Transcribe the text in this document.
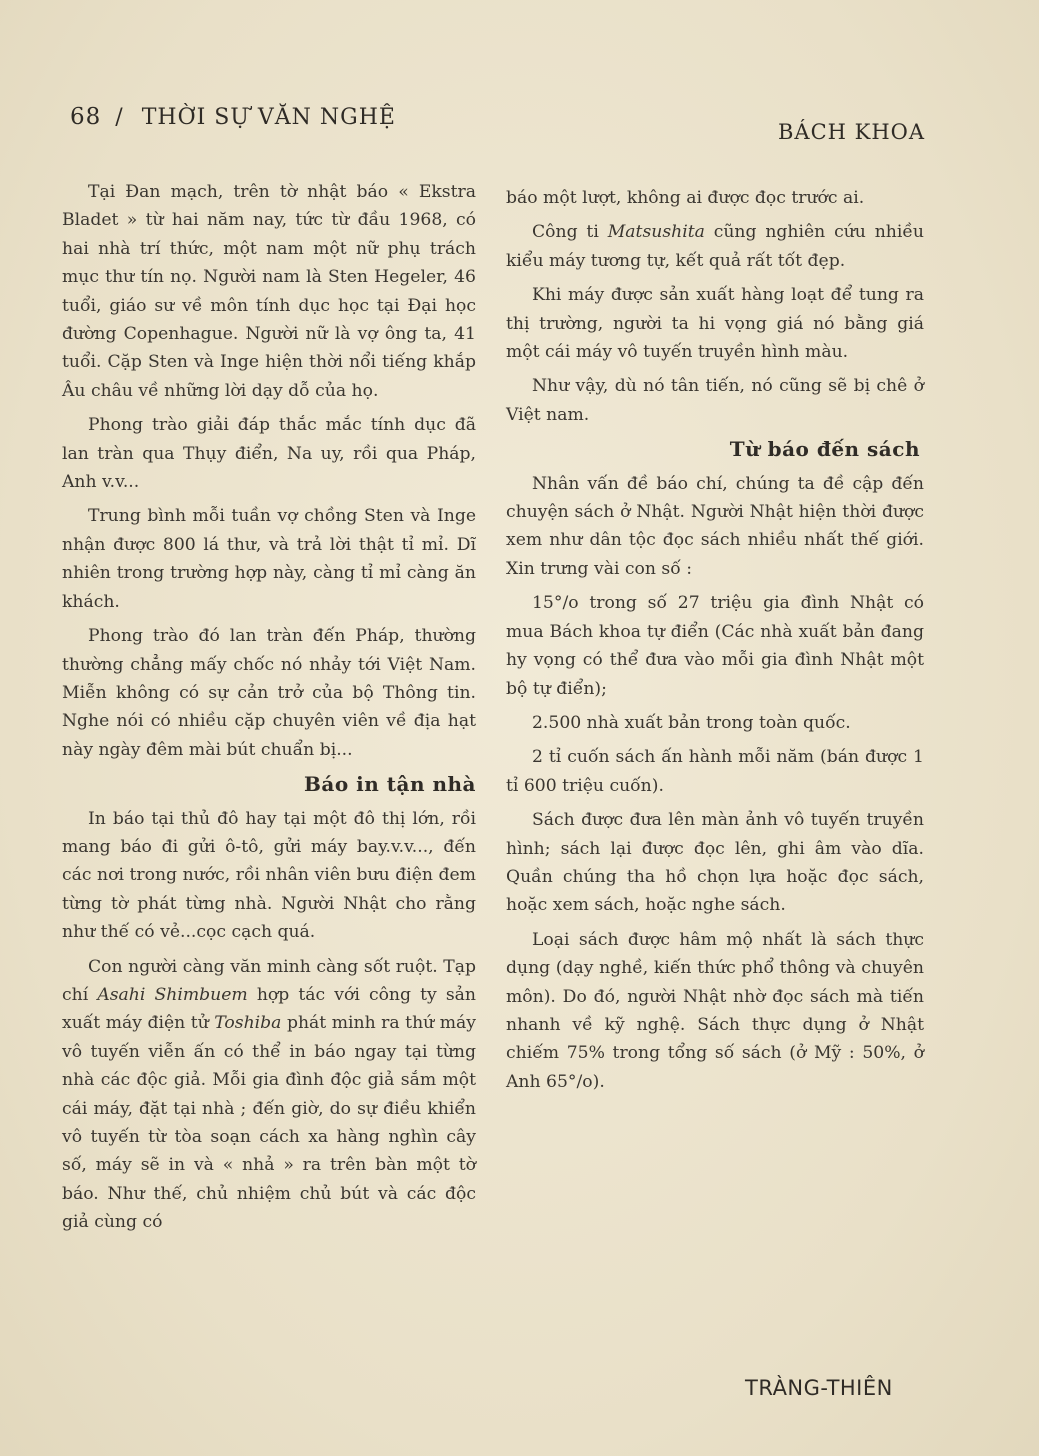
68 / THỜI SỰ VĂN NGHỆ
BÁCH KHOA

Tại Đan mạch, trên tờ nhật báo « Ekstra Bladet » từ hai năm nay, tức từ đầu 1968, có hai nhà trí thức, một nam một nữ phụ trách mục thư tín nọ. Người nam là Sten Hegeler, 46 tuổi, giáo sư về môn tính dục học tại Đại học đường Copenhague. Người nữ là vợ ông ta, 41 tuổi. Cặp Sten và Inge hiện thời nổi tiếng khắp Âu châu về những lời dạy dỗ của họ.

Phong trào giải đáp thắc mắc tính dục đã lan tràn qua Thụy điển, Na uy, rồi qua Pháp, Anh v.v...

Trung bình mỗi tuần vợ chồng Sten và Inge nhận được 800 lá thư, và trả lời thật tỉ mỉ. Dĩ nhiên trong trường hợp này, càng tỉ mỉ càng ăn khách.

Phong trào đó lan tràn đến Pháp, thường thường chẳng mấy chốc nó nhảy tới Việt Nam. Miễn không có sự cản trở của bộ Thông tin. Nghe nói có nhiều cặp chuyên viên về địa hạt này ngày đêm mài bút chuẩn bị...

Báo in tận nhà

In báo tại thủ đô hay tại một đô thị lớn, rồi mang báo đi gửi ô-tô, gửi máy bay.v.v..., đến các nơi trong nước, rồi nhân viên bưu điện đem từng tờ phát từng nhà. Người Nhật cho rằng như thế có vẻ...cọc cạch quá.

Con người càng văn minh càng sốt ruột. Tạp chí Asahi Shimbuem hợp tác với công ty sản xuất máy điện tử Toshiba phát minh ra thứ máy vô tuyến viễn ấn có thể in báo ngay tại từng nhà các độc giả. Mỗi gia đình độc giả sắm một cái máy, đặt tại nhà ; đến giờ, do sự điều khiển vô tuyến từ tòa soạn cách xa hàng nghìn cây số, máy sẽ in và « nhả » ra trên bàn một tờ báo. Như thế, chủ nhiệm chủ bút và các độc giả cùng có

báo một lượt, không ai được đọc trước ai.

Công ti Matsushita cũng nghiên cứu nhiều kiểu máy tương tự, kết quả rất tốt đẹp.

Khi máy được sản xuất hàng loạt để tung ra thị trường, người ta hi vọng giá nó bằng giá một cái máy vô tuyến truyền hình màu.

Như vậy, dù nó tân tiến, nó cũng sẽ bị chê ở Việt nam.

Từ báo đến sách

Nhân vấn đề báo chí, chúng ta đề cập đến chuyện sách ở Nhật. Người Nhật hiện thời được xem như dân tộc đọc sách nhiều nhất thế giới. Xin trưng vài con số :

15°/o trong số 27 triệu gia đình Nhật có mua Bách khoa tự điển (Các nhà xuất bản đang hy vọng có thể đưa vào mỗi gia đình Nhật một bộ tự điển);

2.500 nhà xuất bản trong toàn quốc.

2 tỉ cuốn sách ấn hành mỗi năm (bán được 1 tỉ 600 triệu cuốn).

Sách được đưa lên màn ảnh vô tuyến truyền hình; sách lại được đọc lên, ghi âm vào dĩa. Quần chúng tha hồ chọn lựa hoặc đọc sách, hoặc xem sách, hoặc nghe sách.

Loại sách được hâm mộ nhất là sách thực dụng (dạy nghề, kiến thức phổ thông và chuyên môn). Do đó, người Nhật nhờ đọc sách mà tiến nhanh về kỹ nghệ. Sách thực dụng ở Nhật chiếm 75% trong tổng số sách (ở Mỹ : 50%, ở Anh 65°/o).

TRÀNG-THIÊN
